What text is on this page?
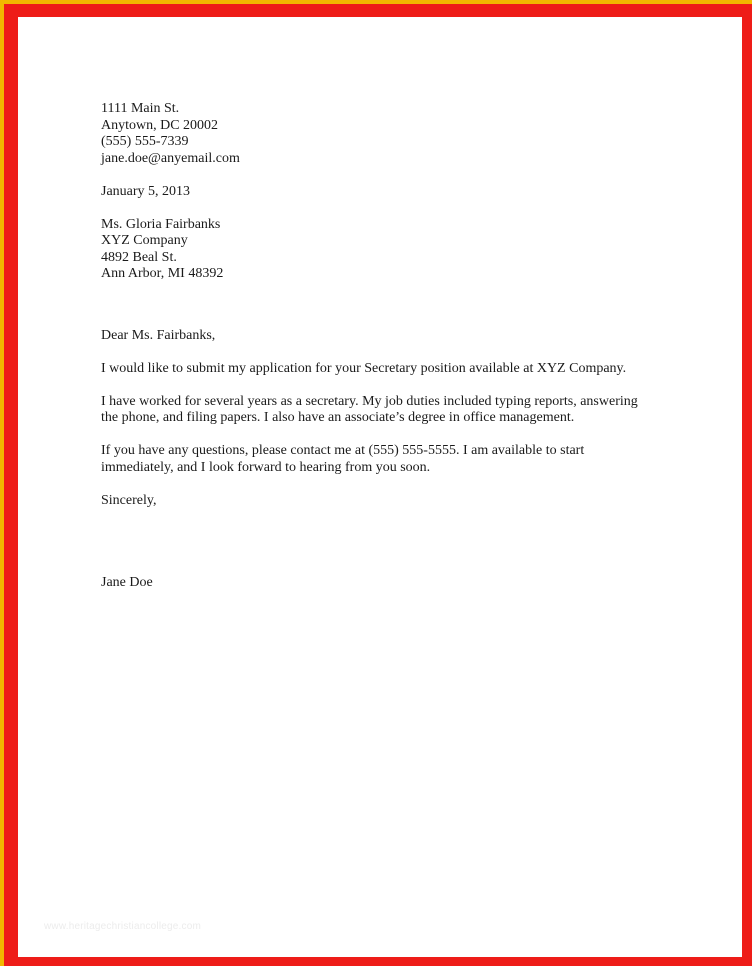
1111 Main St.
Anytown, DC 20002
(555) 555-7339
jane.doe@anyemail.com
January 5, 2013
Ms. Gloria Fairbanks
XYZ Company
4892 Beal St.
Ann Arbor, MI 48392
Dear Ms. Fairbanks,
I would like to submit my application for your Secretary position available at XYZ Company.
I have worked for several years as a secretary. My job duties included typing reports, answering
the phone, and filing papers. I also have an associate’s degree in office management.
If you have any questions, please contact me at (555) 555-5555. I am available to start
immediately, and I look forward to hearing from you soon.
Sincerely,
Jane Doe
www.heritagechristiancollege.com
